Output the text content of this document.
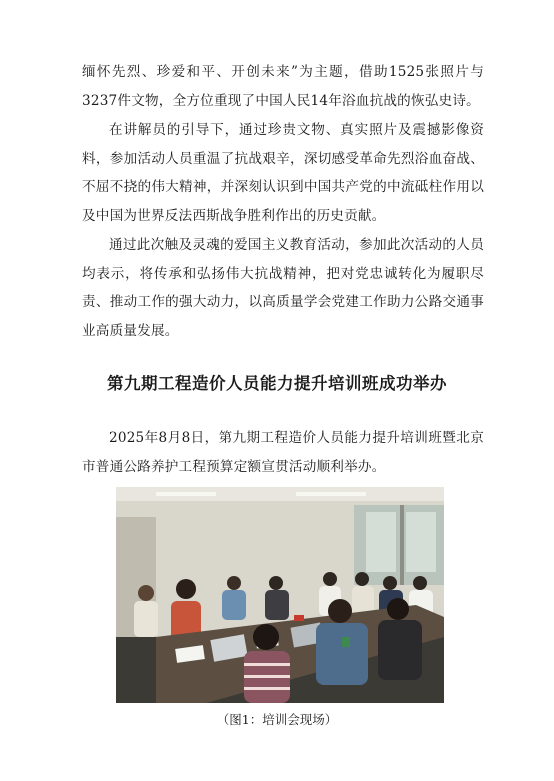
缅怀先烈、珍爱和平、开创未来”为主题，借助1525张照片与3237件文物，全方位重现了中国人民14年浴血抗战的恢弘史诗。

在讲解员的引导下，通过珍贵文物、真实照片及震撼影像资料，参加活动人员重温了抗战艰辛，深切感受革命先烈浴血奋战、不屈不挠的伟大精神，并深刻认识到中国共产党的中流砥柱作用以及中国为世界反法西斯战争胜利作出的历史贡献。

通过此次触及灵魂的爱国主义教育活动，参加此次活动的人员均表示，将传承和弘扬伟大抗战精神，把对党忠诚转化为履职尽责、推动工作的强大动力，以高质量学会党建工作助力公路交通事业高质量发展。

第九期工程造价人员能力提升培训班成功举办

2025年8月8日，第九期工程造价人员能力提升培训班暨北京市普通公路养护工程预算定额宣贯活动顺利举办。

（图1：培训会现场）
